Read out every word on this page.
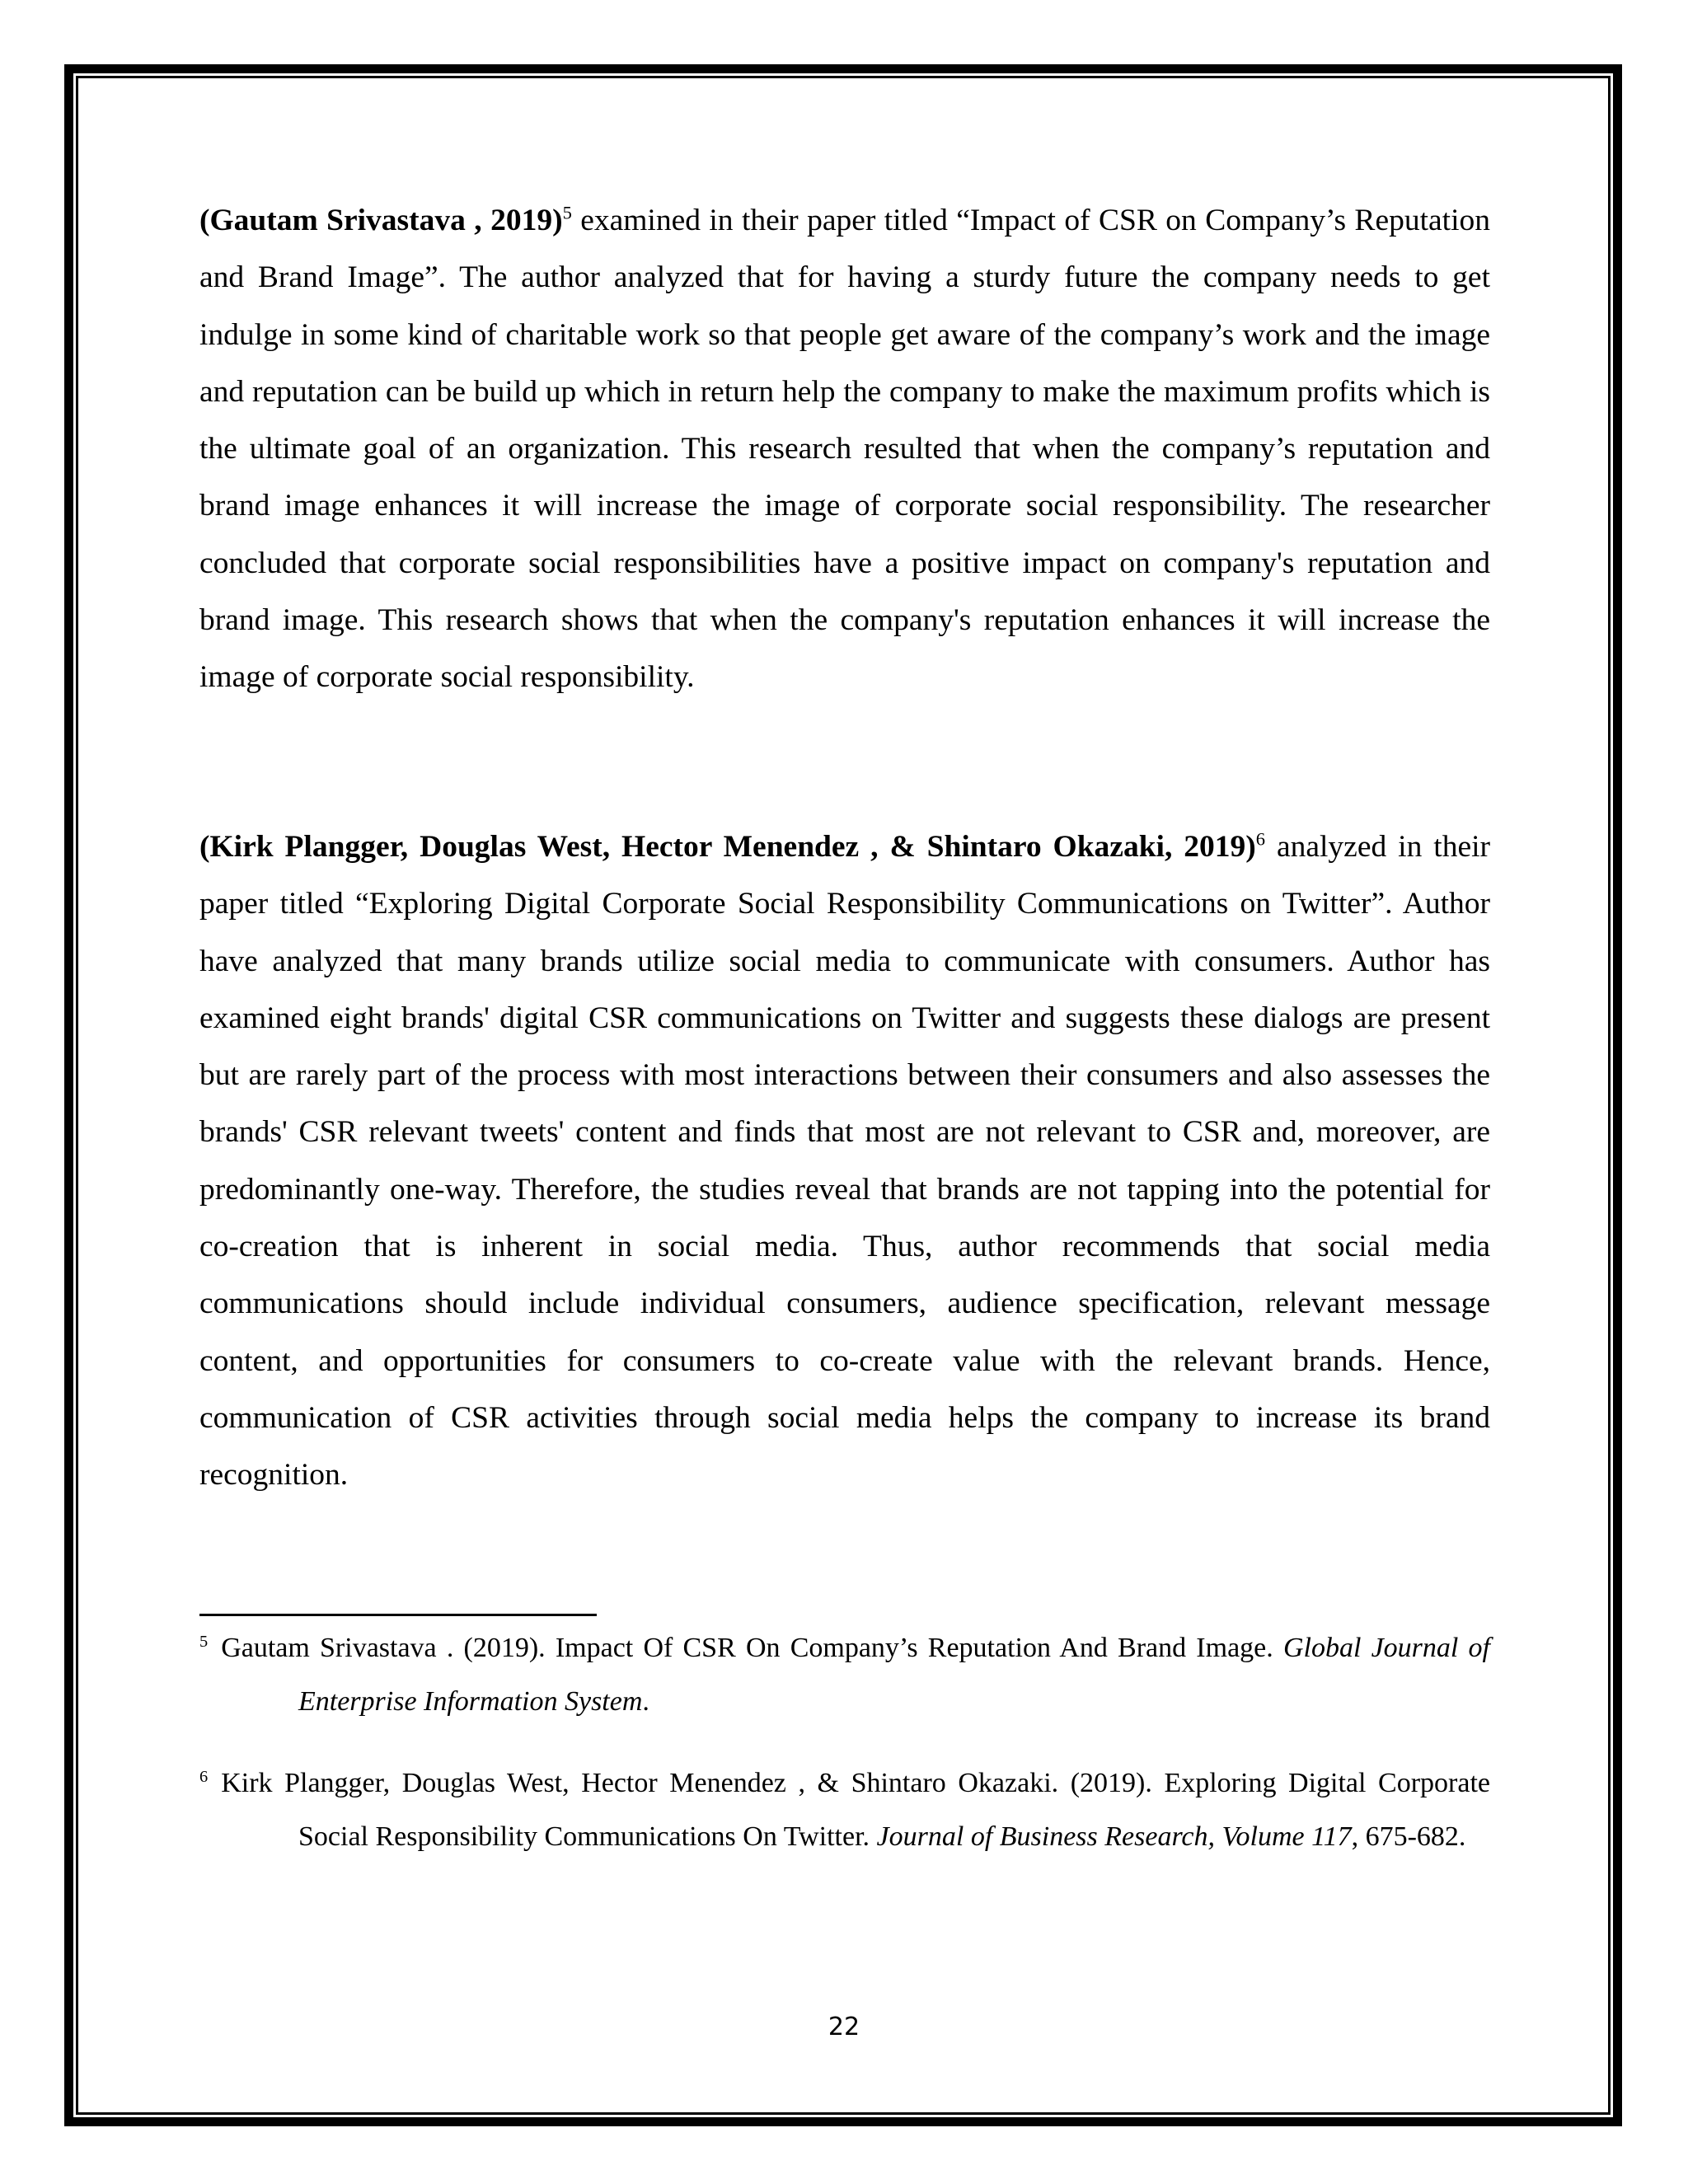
(Gautam Srivastava , 2019)$^5$ examined in their paper titled “Impact of CSR on Company’s Reputation and Brand Image”. The author analyzed that for having a sturdy future the company needs to get indulge in some kind of charitable work so that people get aware of the company’s work and the image and reputation can be build up which in return help the company to make the maximum profits which is the ultimate goal of an organization. This research resulted that when the company’s reputation and brand image enhances it will increase the image of corporate social responsibility. The researcher concluded that corporate social responsibilities have a positive impact on company's reputation and brand image. This research shows that when the company's reputation enhances it will increase the image of corporate social responsibility.
(Kirk Plangger, Douglas West, Hector Menendez , & Shintaro Okazaki, 2019)$^6$ analyzed in their paper titled “Exploring Digital Corporate Social Responsibility Communications on Twitter”. Author have analyzed that many brands utilize social media to communicate with consumers. Author has examined eight brands' digital CSR communications on Twitter and suggests these dialogs are present but are rarely part of the process with most interactions between their consumers and also assesses the brands' CSR relevant tweets' content and finds that most are not relevant to CSR and, moreover, are predominantly one-way. Therefore, the studies reveal that brands are not tapping into the potential for co-creation that is inherent in social media. Thus, author recommends that social media communications should include individual consumers, audience specification, relevant message content, and opportunities for consumers to co-create value with the relevant brands. Hence, communication of CSR activities through social media helps the company to increase its brand recognition.
$^5$ Gautam Srivastava . (2019). Impact Of CSR On Company’s Reputation And Brand Image. Global Journal of Enterprise Information System.
$^6$ Kirk Plangger, Douglas West, Hector Menendez , & Shintaro Okazaki. (2019). Exploring Digital Corporate Social Responsibility Communications On Twitter. Journal of Business Research, Volume 117, 675-682.
22
